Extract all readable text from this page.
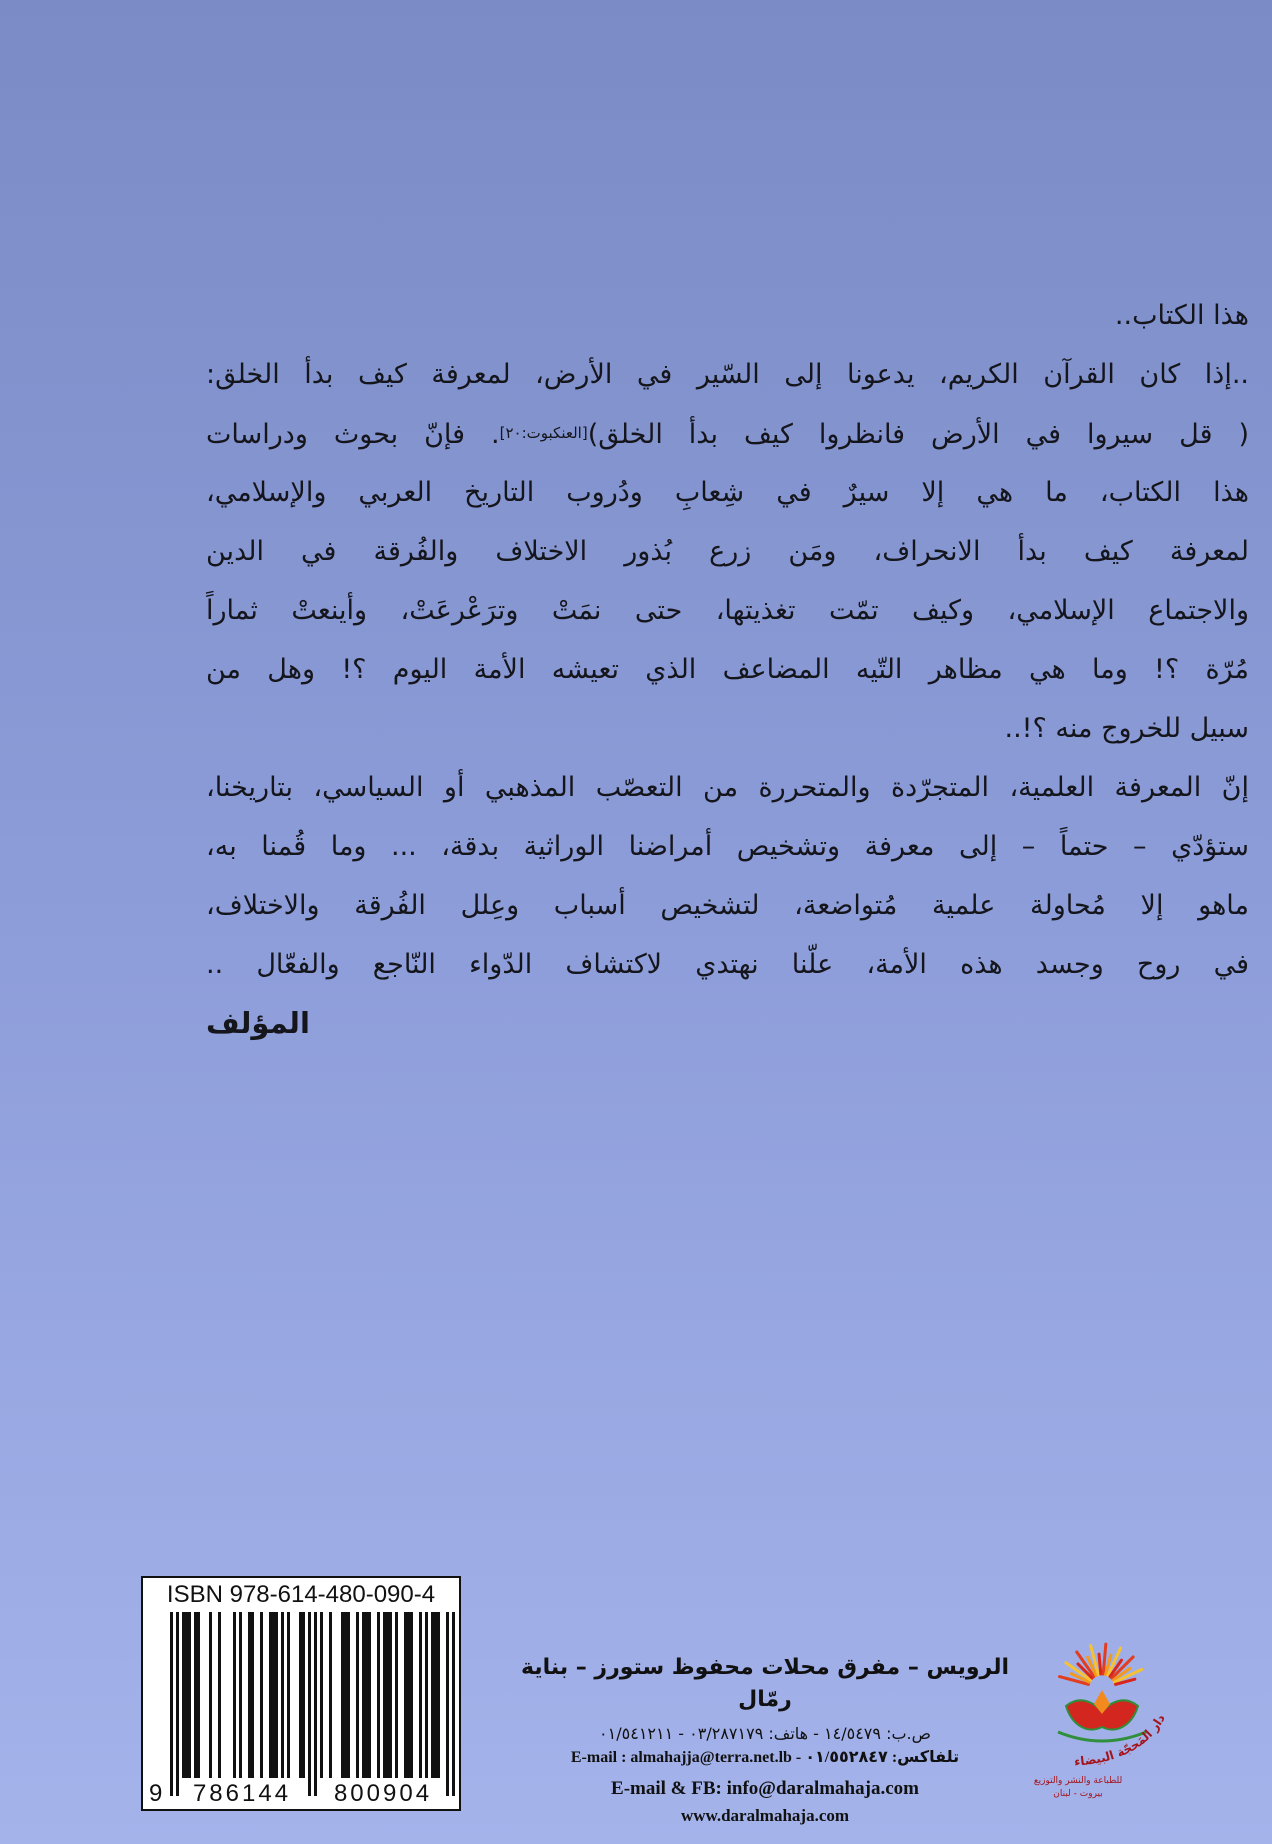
هذا الكتاب..
..إذا كان القرآن الكريم، يدعونا إلى السّير في الأرض، لمعرفة كيف بدأ الخلق:
( قل سيروا في الأرض فانظروا كيف بدأ الخلق)[العنكبوت:٢٠]. فإنّ بحوث ودراسات
هذا الكتاب، ما هي إلا سيرٌ في شِعابِ ودُروب التاريخ العربي والإسلامي،
لمعرفة كيف بدأ الانحراف، ومَن زرع بُذور الاختلاف والفُرقة في الدين
والاجتماع الإسلامي، وكيف تمّت تغذيتها، حتى نمَتْ وترَعْرعَتْ، وأينعتْ ثماراً
مُرّة ؟! وما هي مظاهر التّيه المضاعف الذي تعيشه الأمة اليوم ؟! وهل من
سبيل للخروج منه ؟!..
إنّ المعرفة العلمية، المتجرّدة والمتحررة من التعصّب المذهبي أو السياسي، بتاريخنا،
ستؤدّي – حتماً – إلى معرفة وتشخيص أمراضنا الوراثية بدقة، ... وما قُمنا به،
ماهو إلا مُحاولة علمية مُتواضعة، لتشخيص أسباب وعِلل الفُرقة والاختلاف،
في روح وجسد هذه الأمة، علّنا نهتدي لاكتشاف الدّواء النّاجع والفعّال ..
المؤلف
ISBN 978-614-480-090-4
9	786144	800904
الرويس – مفرق محلات محفوظ ستورز – بناية رمّال
ص.ب: ١٤/٥٤٧٩ - هاتف: ٠٣/٢٨٧١٧٩ - ٠١/٥٤١٢١١
تلفاكس: ٠١/٥٥٢٨٤٧ - E-mail : almahajja@terra.net.lb
E-mail & FB: info@daralmahaja.com
www.daralmahaja.com
دار المَحجّة البيضاء
للطباعة والنشر والتوزيع
بيروت - لبنان
